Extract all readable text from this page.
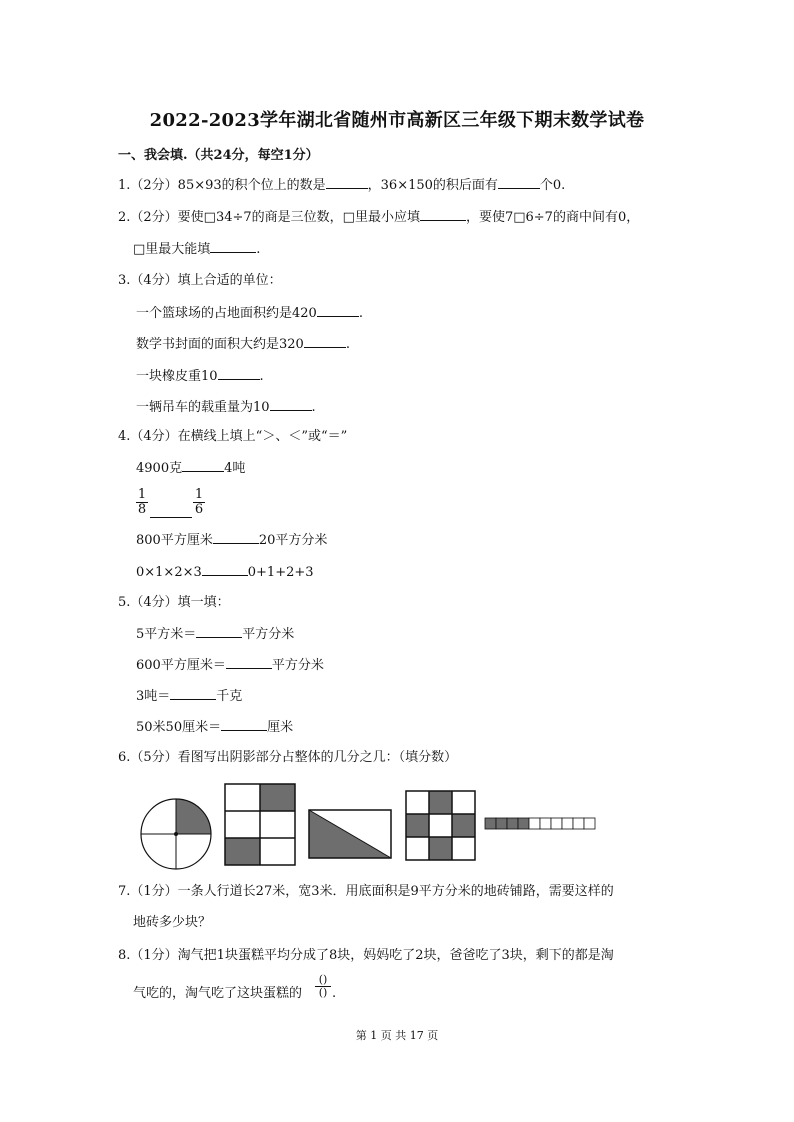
2022-2023学年湖北省随州市高新区三年级下期末数学试卷
一、我会填.（共24分，每空1分）
1.（2分）85×93的积个位上的数是	，36×150的积后面有	个0.
2.（2分）要使□34÷7的商是三位数，□里最小应填	，要使7□6÷7的商中间有0，
□里最大能填	.
3.（4分）填上合适的单位：
一个篮球场的占地面积约是420	.
数学书封面的面积大约是320	.
一块橡皮重10	.
一辆吊车的载重量为10	.
4.（4分）在横线上填上“＞、＜”或“＝”
4900克	4吨
$\frac{1}{8}$	$\frac{1}{6}$
800平方厘米	20平方分米
0×1×2×3	0+1+2+3
5.（4分）填一填：
5平方米＝	平方分米
600平方厘米＝	平方分米
3吨＝	千克
50米50厘米＝	厘米
6.（5分）看图写出阴影部分占整体的几分之几：（填分数）
7.（1分）一条人行道长27米，宽3米．用底面积是9平方分米的地砖铺路，需要这样的
地砖多少块？
8.（1分）淘气把1块蛋糕平均分成了8块，妈妈吃了2块，爸爸吃了3块，剩下的都是淘
气吃的，淘气吃了这块蛋糕的
()
() .
第 1 页 共 17 页
